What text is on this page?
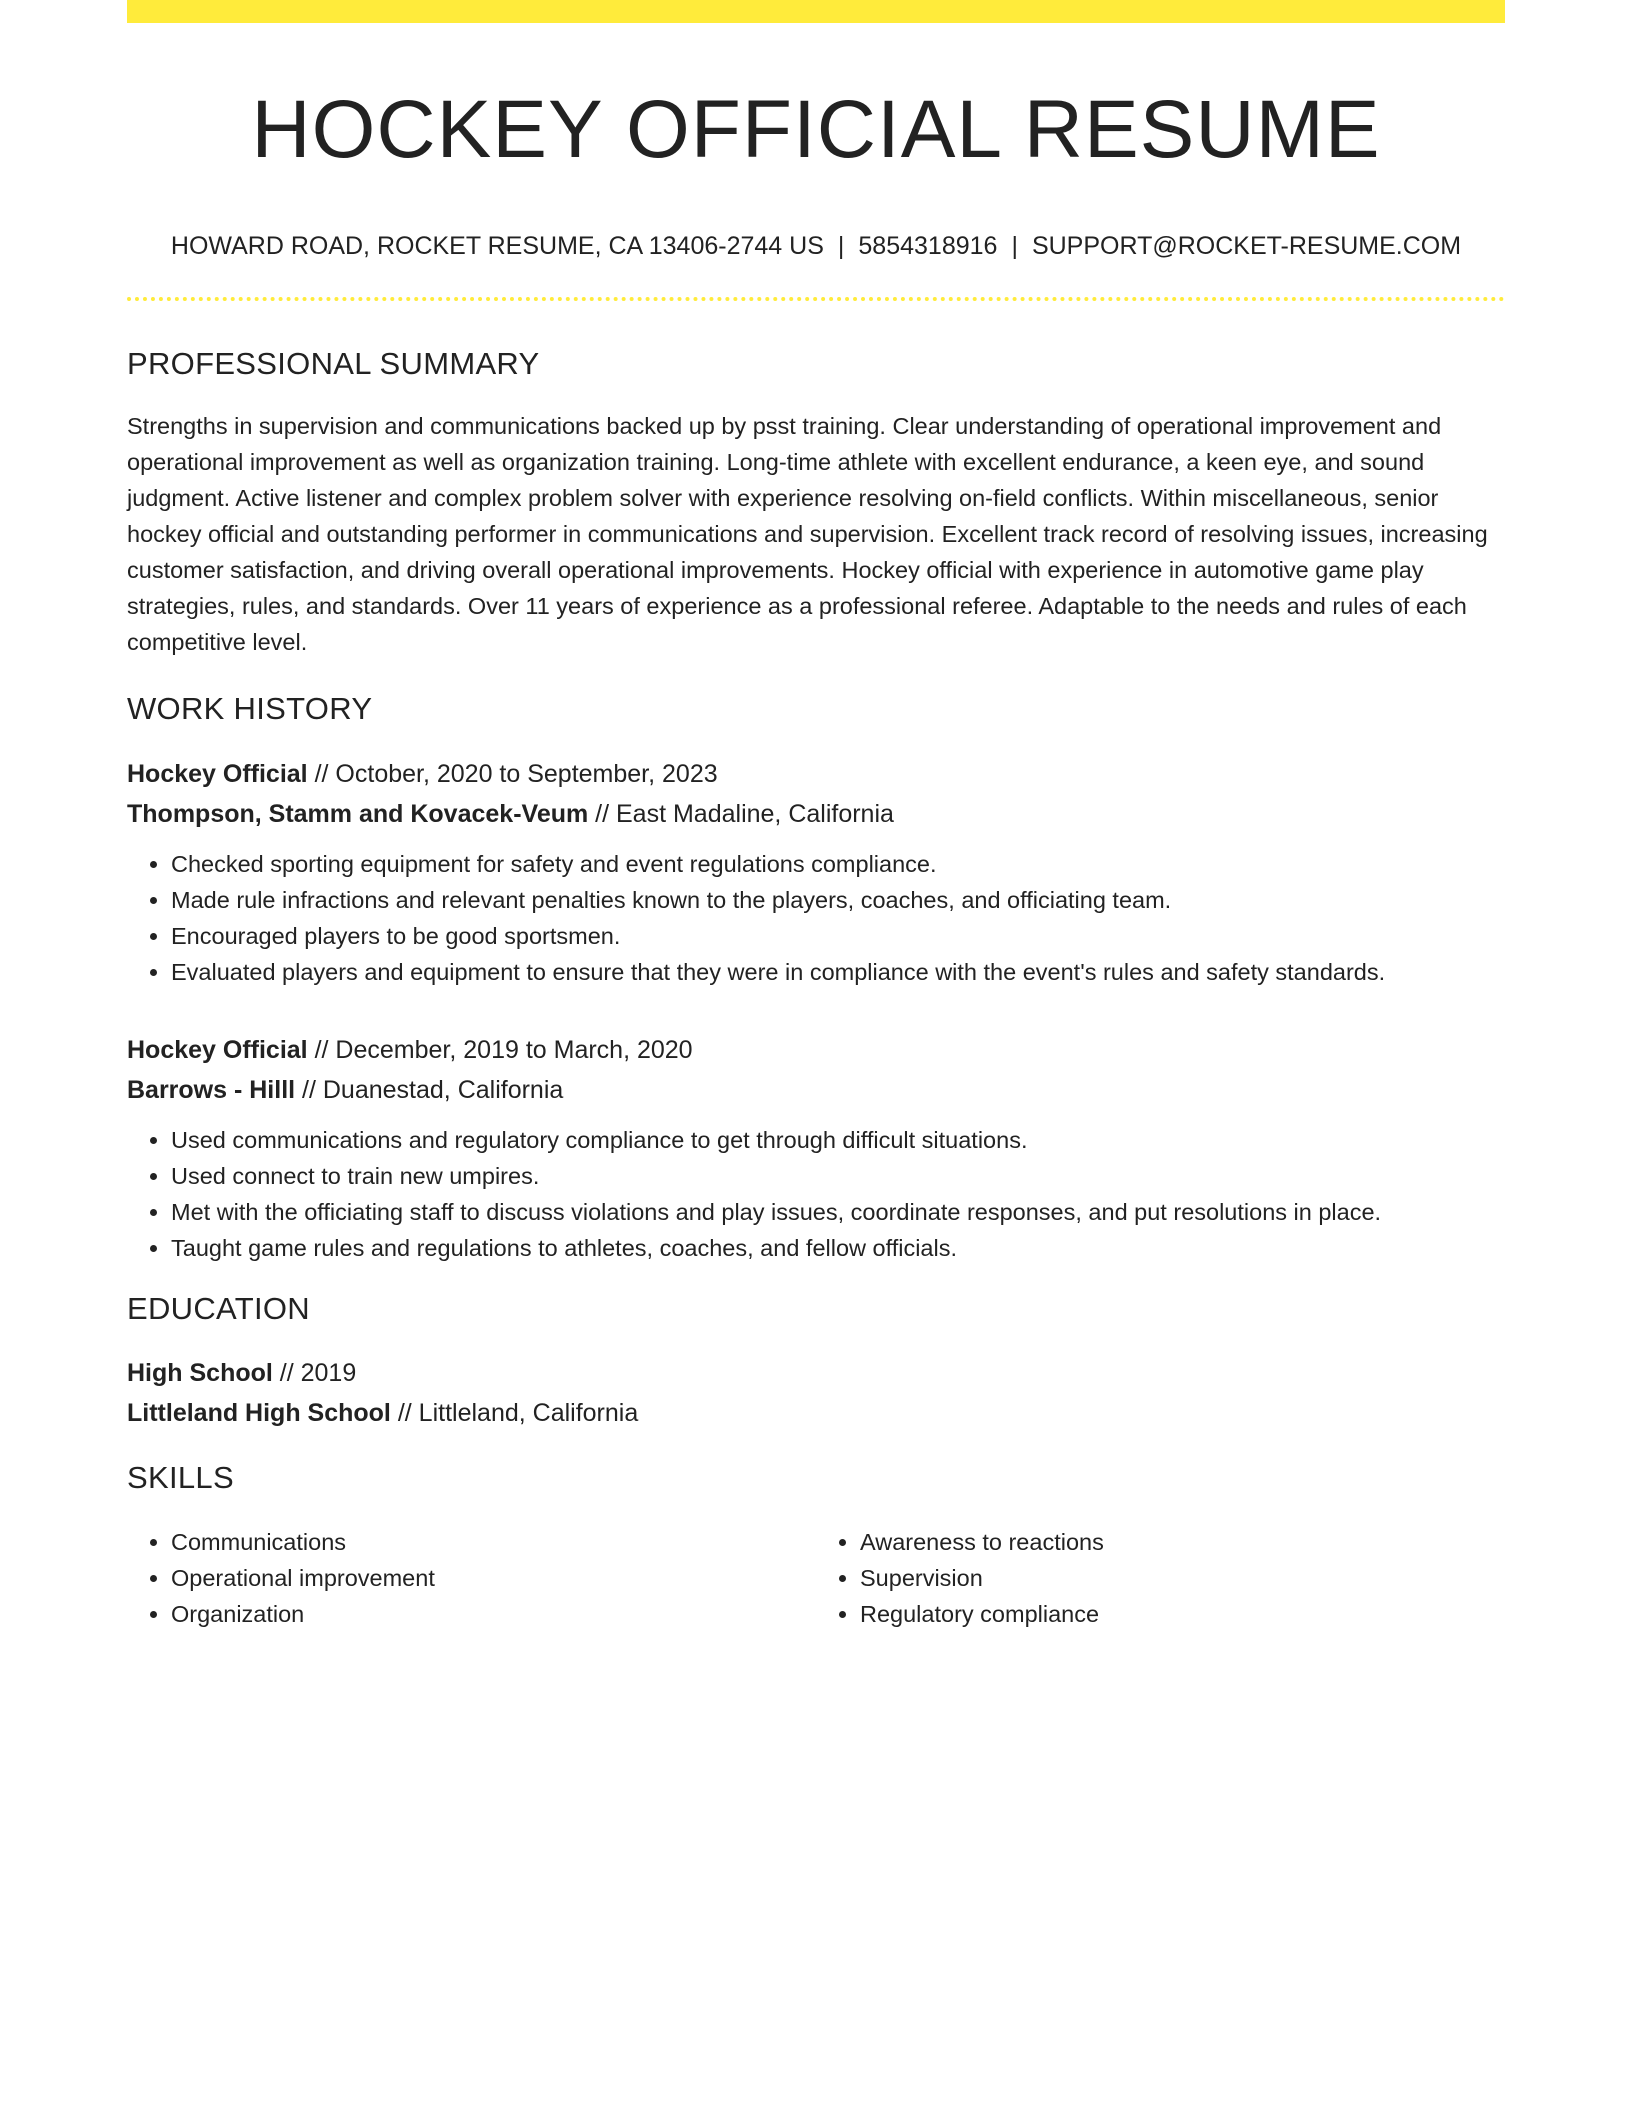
HOCKEY OFFICIAL RESUME
HOWARD ROAD, ROCKET RESUME, CA 13406-2744 US | 5854318916 | SUPPORT@ROCKET-RESUME.COM
PROFESSIONAL SUMMARY
Strengths in supervision and communications backed up by psst training. Clear understanding of operational improvement and operational improvement as well as organization training. Long-time athlete with excellent endurance, a keen eye, and sound judgment. Active listener and complex problem solver with experience resolving on-field conflicts. Within miscellaneous, senior hockey official and outstanding performer in communications and supervision. Excellent track record of resolving issues, increasing customer satisfaction, and driving overall operational improvements. Hockey official with experience in automotive game play strategies, rules, and standards. Over 11 years of experience as a professional referee. Adaptable to the needs and rules of each competitive level.
WORK HISTORY
Hockey Official // October, 2020 to September, 2023
Thompson, Stamm and Kovacek-Veum // East Madaline, California
• Checked sporting equipment for safety and event regulations compliance.
• Made rule infractions and relevant penalties known to the players, coaches, and officiating team.
• Encouraged players to be good sportsmen.
• Evaluated players and equipment to ensure that they were in compliance with the event's rules and safety standards.
Hockey Official // December, 2019 to March, 2020
Barrows - Hilll // Duanestad, California
• Used communications and regulatory compliance to get through difficult situations.
• Used connect to train new umpires.
• Met with the officiating staff to discuss violations and play issues, coordinate responses, and put resolutions in place.
• Taught game rules and regulations to athletes, coaches, and fellow officials.
EDUCATION
High School // 2019
Littleland High School // Littleland, California
SKILLS
• Communications
• Operational improvement
• Organization
• Awareness to reactions
• Supervision
• Regulatory compliance
